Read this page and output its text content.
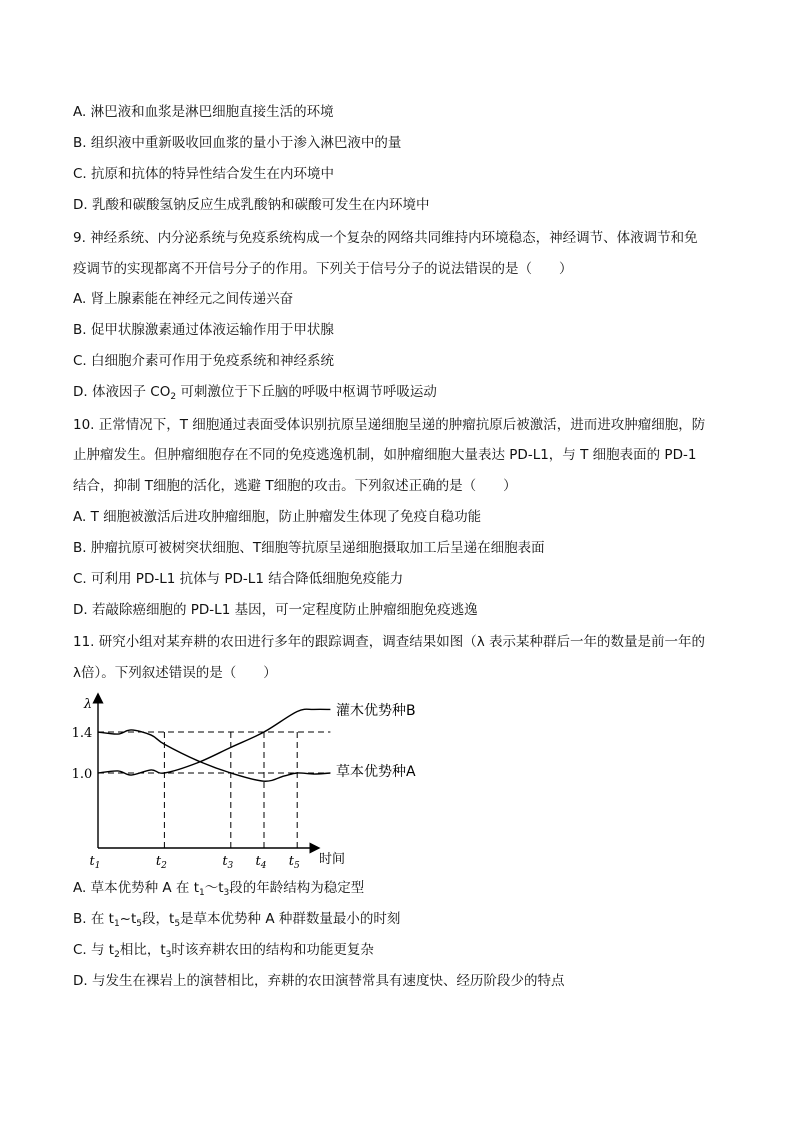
A. 淋巴液和血浆是淋巴细胞直接生活的环境
B. 组织液中重新吸收回血浆的量小于渗入淋巴液中的量
C. 抗原和抗体的特异性结合发生在内环境中
D. 乳酸和碳酸氢钠反应生成乳酸钠和碳酸可发生在内环境中
9. 神经系统、内分泌系统与免疫系统构成一个复杂的网络共同维持内环境稳态，神经调节、体液调节和免
疫调节的实现都离不开信号分子的作用。下列关于信号分子的说法错误的是（　　）
A. 肾上腺素能在神经元之间传递兴奋
B. 促甲状腺激素通过体液运输作用于甲状腺
C. 白细胞介素可作用于免疫系统和神经系统
D. 体液因子 $CO_2$ 可刺激位于下丘脑的呼吸中枢调节呼吸运动
10. 正常情况下，T 细胞通过表面受体识别抗原呈递细胞呈递的肿瘤抗原后被激活，进而进攻肿瘤细胞，防
止肿瘤发生。但肿瘤细胞存在不同的免疫逃逸机制，如肿瘤细胞大量表达 PD-L1，与 T 细胞表面的 PD-1
结合，抑制 T细胞的活化，逃避 T细胞的攻击。下列叙述正确的是（　　）
A. T 细胞被激活后进攻肿瘤细胞，防止肿瘤发生体现了免疫自稳功能
B. 肿瘤抗原可被树突状细胞、T细胞等抗原呈递细胞摄取加工后呈递在细胞表面
C. 可利用 PD-L1 抗体与 PD-L1 结合降低细胞免疫能力
D. 若敲除癌细胞的 PD-L1 基因，可一定程度防止肿瘤细胞免疫逃逸
11. 研究小组对某弃耕的农田进行多年的跟踪调查，调查结果如图（λ 表示某种群后一年的数量是前一年的
λ倍）。下列叙述错误的是（　　）
λ
时间
1.4
1.0
$t_1$	$t_2$	$t_3$ $t_4$ $t_5$
灌木优势种B
草本优势种A
A. 草本优势种 A 在 $t_1\sim t_3$段的年龄结构为稳定型
B. 在 $t_1\sim t_5$段，$t_5$是草本优势种 A 种群数量最小的时刻
C. 与 $t_2$相比，$t_3$时该弃耕农田的结构和功能更复杂
D. 与发生在裸岩上的演替相比，弃耕的农田演替常具有速度快、经历阶段少的特点
